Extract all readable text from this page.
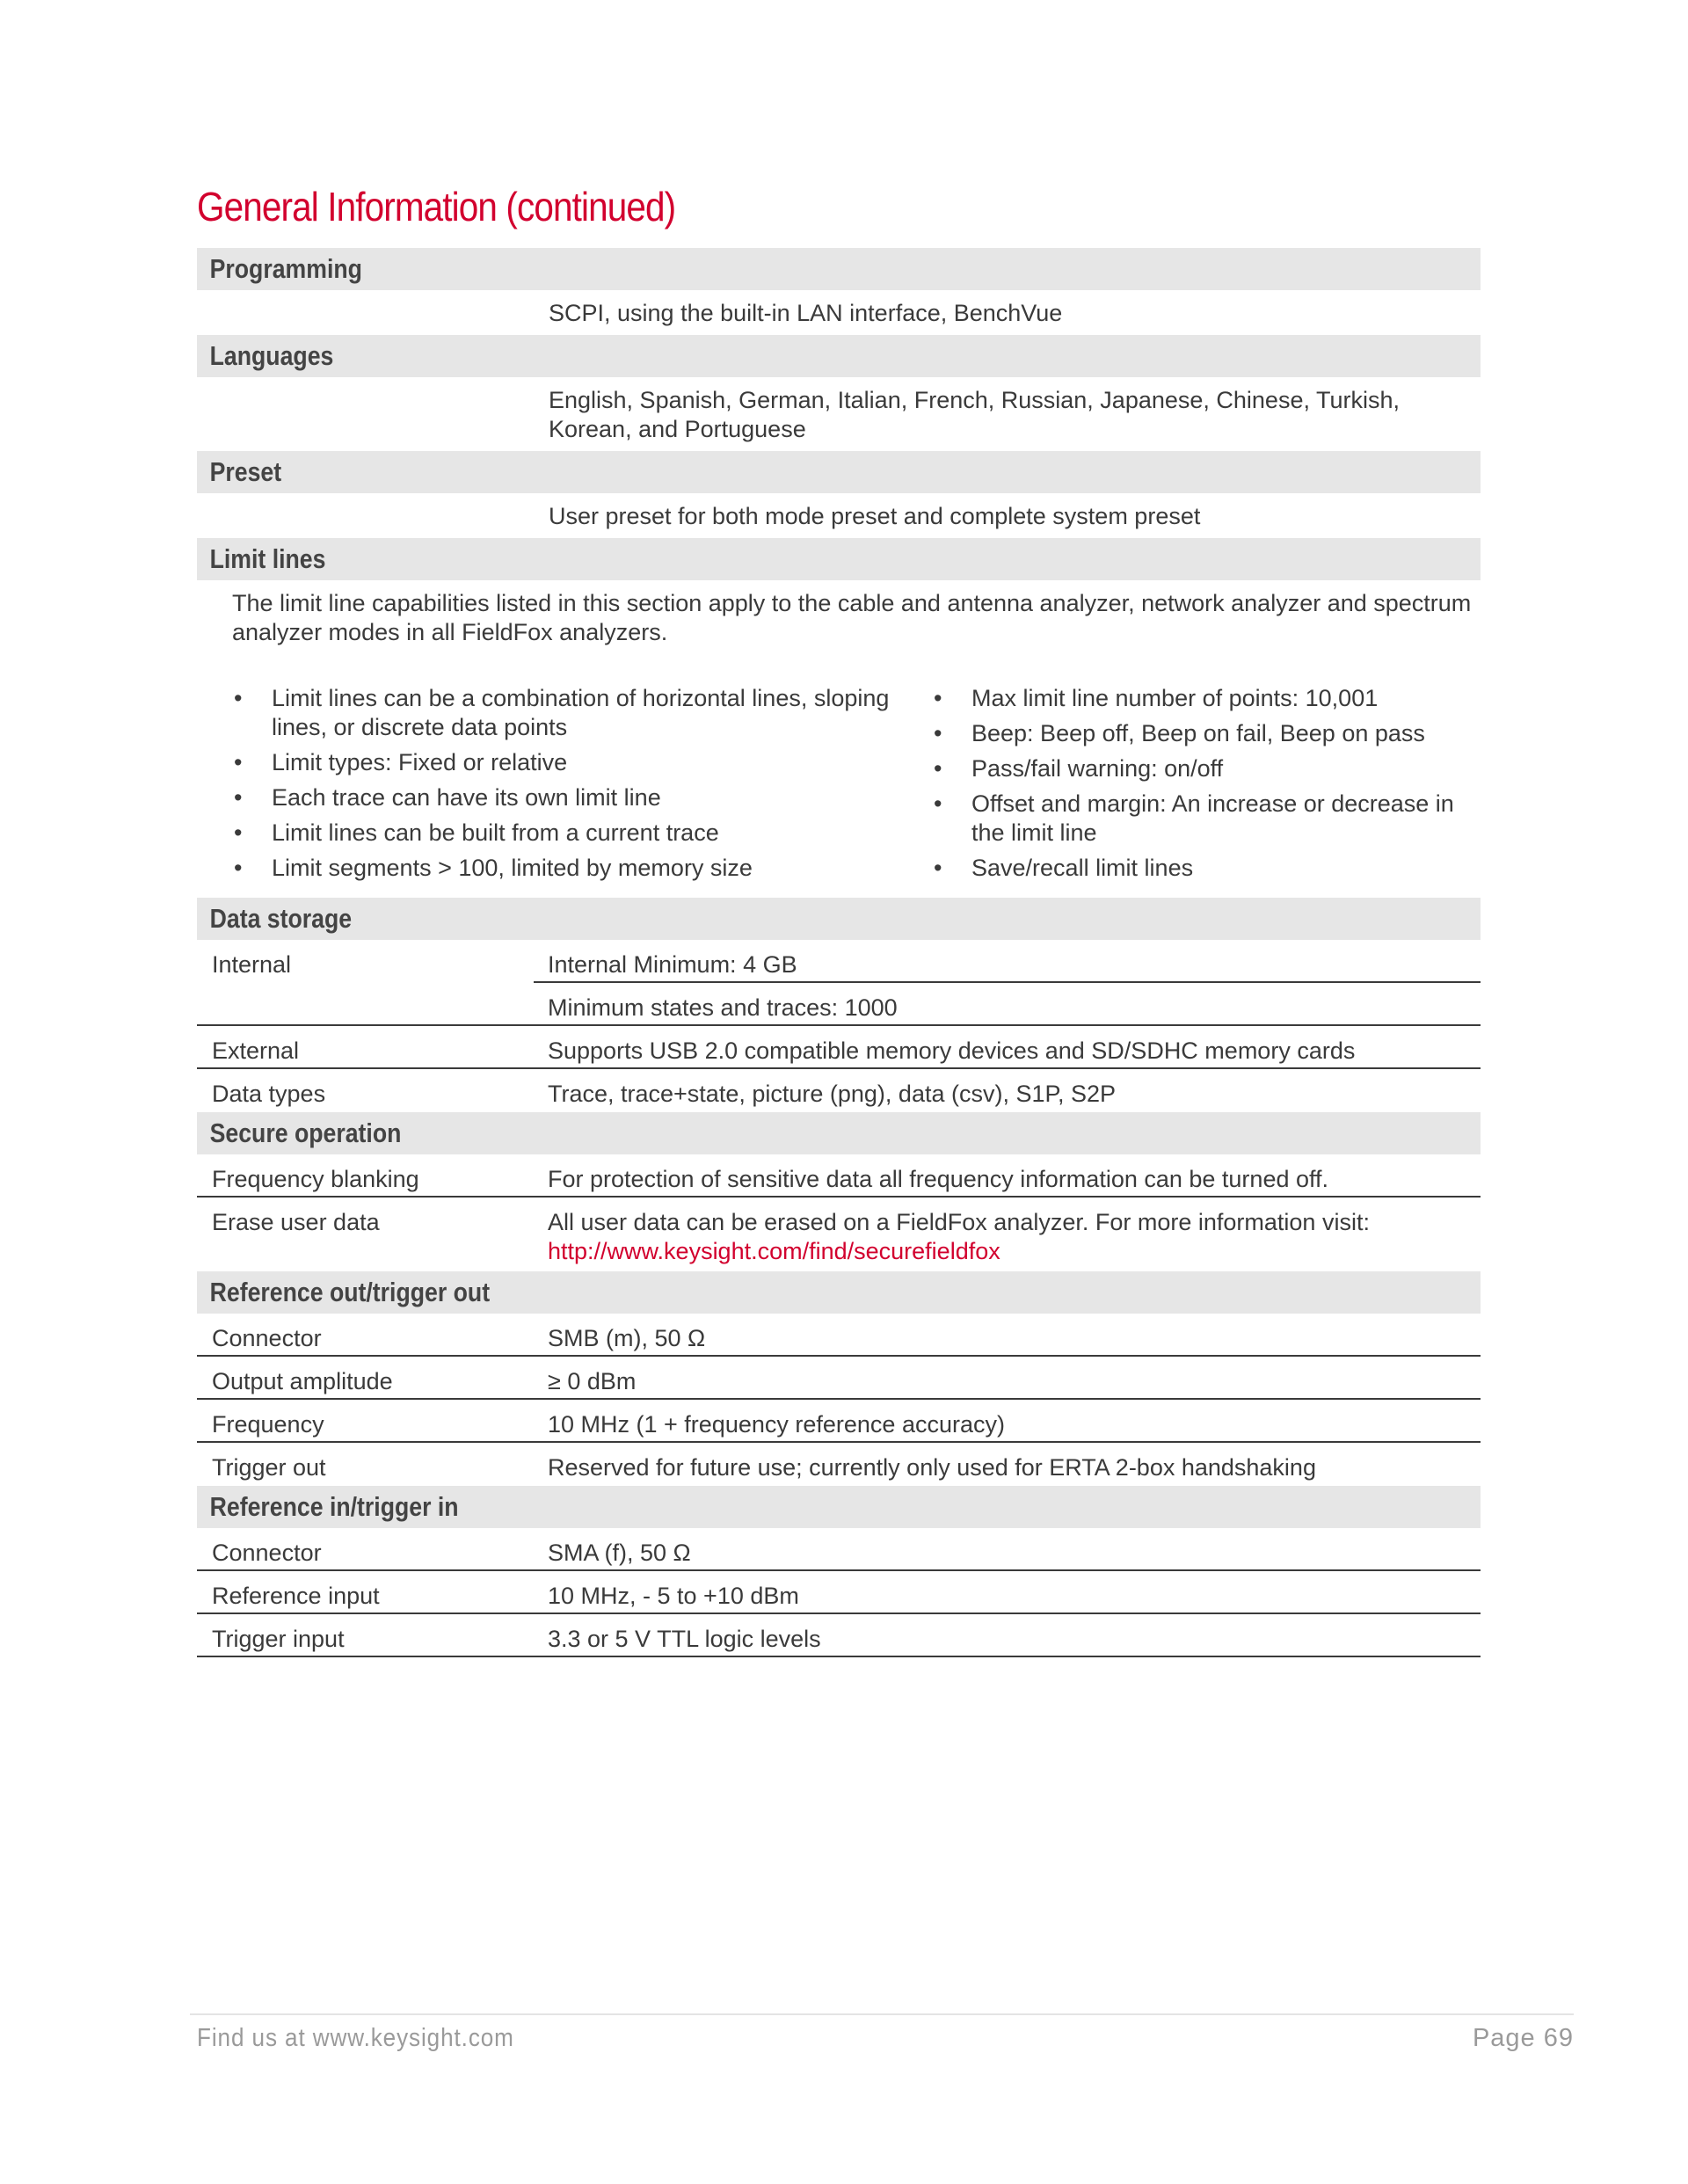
General Information (continued)
Programming
SCPI, using the built-in LAN interface, BenchVue
Languages
English, Spanish, German, Italian, French, Russian, Japanese, Chinese, Turkish, Korean, and Portuguese
Preset
User preset for both mode preset and complete system preset
Limit lines
The limit line capabilities listed in this section apply to the cable and antenna analyzer, network analyzer and spectrum analyzer modes in all FieldFox analyzers.
• Limit lines can be a combination of horizontal lines, sloping lines, or discrete data points
• Limit types: Fixed or relative
• Each trace can have its own limit line
• Limit lines can be built from a current trace
• Limit segments > 100, limited by memory size
• Max limit line number of points: 10,001
• Beep: Beep off, Beep on fail, Beep on pass
• Pass/fail warning: on/off
• Offset and margin: An increase or decrease in the limit line
• Save/recall limit lines
Data storage
Internal	Internal Minimum: 4 GB
Minimum states and traces: 1000
External	Supports USB 2.0 compatible memory devices and SD/SDHC memory cards
Data types	Trace, trace+state, picture (png), data (csv), S1P, S2P
Secure operation
Frequency blanking	For protection of sensitive data all frequency information can be turned off.
Erase user data	All user data can be erased on a FieldFox analyzer. For more information visit:
http://www.keysight.com/find/securefieldfox
Reference out/trigger out
Connector	SMB (m), 50 Ω
Output amplitude	≥ 0 dBm
Frequency	10 MHz (1 + frequency reference accuracy)
Trigger out	Reserved for future use; currently only used for ERTA 2-box handshaking
Reference in/trigger in
Connector	SMA (f), 50 Ω
Reference input	10 MHz, - 5 to +10 dBm
Trigger input	3.3 or 5 V TTL logic levels
Find us at www.keysight.com	Page 69
